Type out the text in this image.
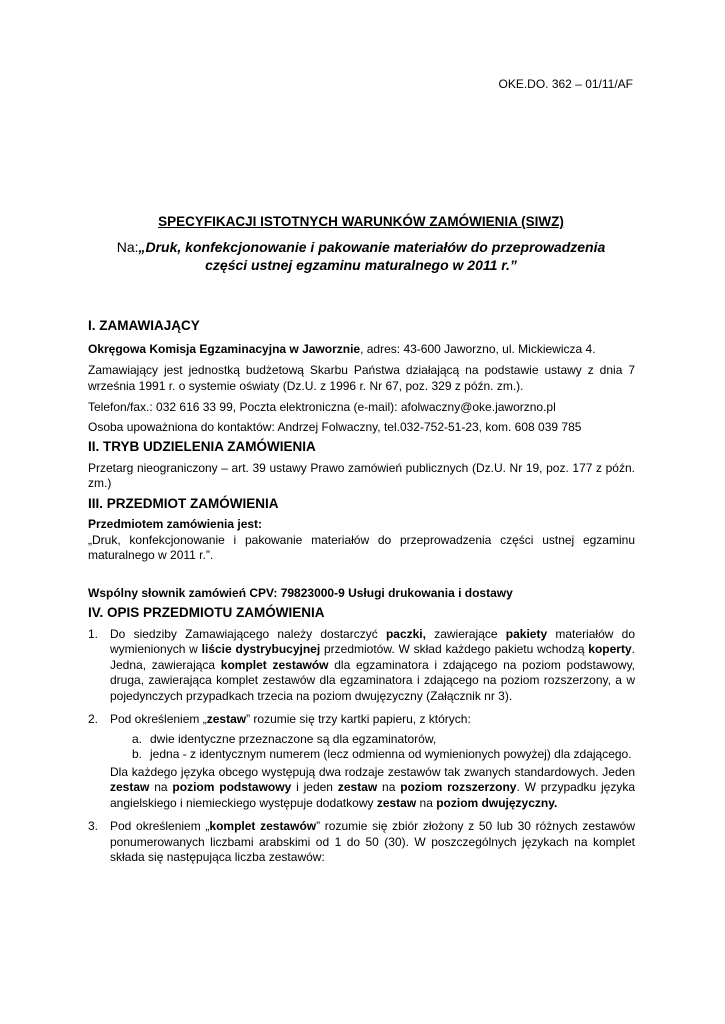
OKE.DO. 362 – 01/11/AF
SPECYFIKACJI ISTOTNYCH WARUNKÓW ZAMÓWIENIA (SIWZ)
Na:„Druk, konfekcjonowanie i pakowanie materiałów do przeprowadzenia
części ustnej egzaminu maturalnego w 2011 r.”
I. ZAMAWIAJĄCY

Okręgowa Komisja Egzaminacyjna w Jaworznie, adres: 43-600 Jaworzno, ul. Mickiewicza 4.

Zamawiający jest jednostką budżetową Skarbu Państwa działającą na podstawie ustawy z dnia 7 września 1991 r. o systemie oświaty (Dz.U. z 1996 r. Nr 67, poz. 329 z późn. zm.).

Telefon/fax.: 032 616 33 99, Poczta elektroniczna (e-mail): afolwaczny@oke.jaworzno.pl

Osoba upoważniona do kontaktów: Andrzej Folwaczny, tel.032-752-51-23, kom. 608 039 785

II. TRYB UDZIELENIA ZAMÓWIENIA

Przetarg nieograniczony – art. 39 ustawy Prawo zamówień publicznych (Dz.U. Nr 19, poz. 177 z późn. zm.)

III. PRZEDMIOT ZAMÓWIENIA

Przedmiotem zamówienia jest:

„Druk, konfekcjonowanie i pakowanie materiałów do przeprowadzenia części ustnej egzaminu maturalnego w 2011 r.”.

Wspólny słownik zamówień CPV: 79823000-9 Usługi drukowania i dostawy

IV. OPIS PRZEDMIOTU ZAMÓWIENIA
1. Do siedziby Zamawiającego należy dostarczyć paczki, zawierające pakiety materiałów do wymienionych w liście dystrybucyjnej przedmiotów. W skład każdego pakietu wchodzą koperty. Jedna, zawierająca komplet zestawów dla egzaminatora i zdającego na poziom podstawowy, druga, zawierająca komplet zestawów dla egzaminatora i zdającego na poziom rozszerzony, a w pojedynczych przypadkach trzecia na poziom dwujęzyczny (Załącznik nr 3).
2. Pod określeniem „zestaw” rozumie się trzy kartki papieru, z których:
a. dwie identyczne przeznaczone są dla egzaminatorów,
b. jedna - z identycznym numerem (lecz odmienna od wymienionych powyżej) dla zdającego.
Dla każdego języka obcego występują dwa rodzaje zestawów tak zwanych standardowych. Jeden zestaw na poziom podstawowy i jeden zestaw na poziom rozszerzony. W przypadku języka angielskiego i niemieckiego występuje dodatkowy zestaw na poziom dwujęzyczny.
3. Pod określeniem „komplet zestawów” rozumie się zbiór złożony z 50 lub 30 różnych zestawów ponumerowanych liczbami arabskimi od 1 do 50 (30). W poszczególnych językach na komplet składa się następująca liczba zestawów:
